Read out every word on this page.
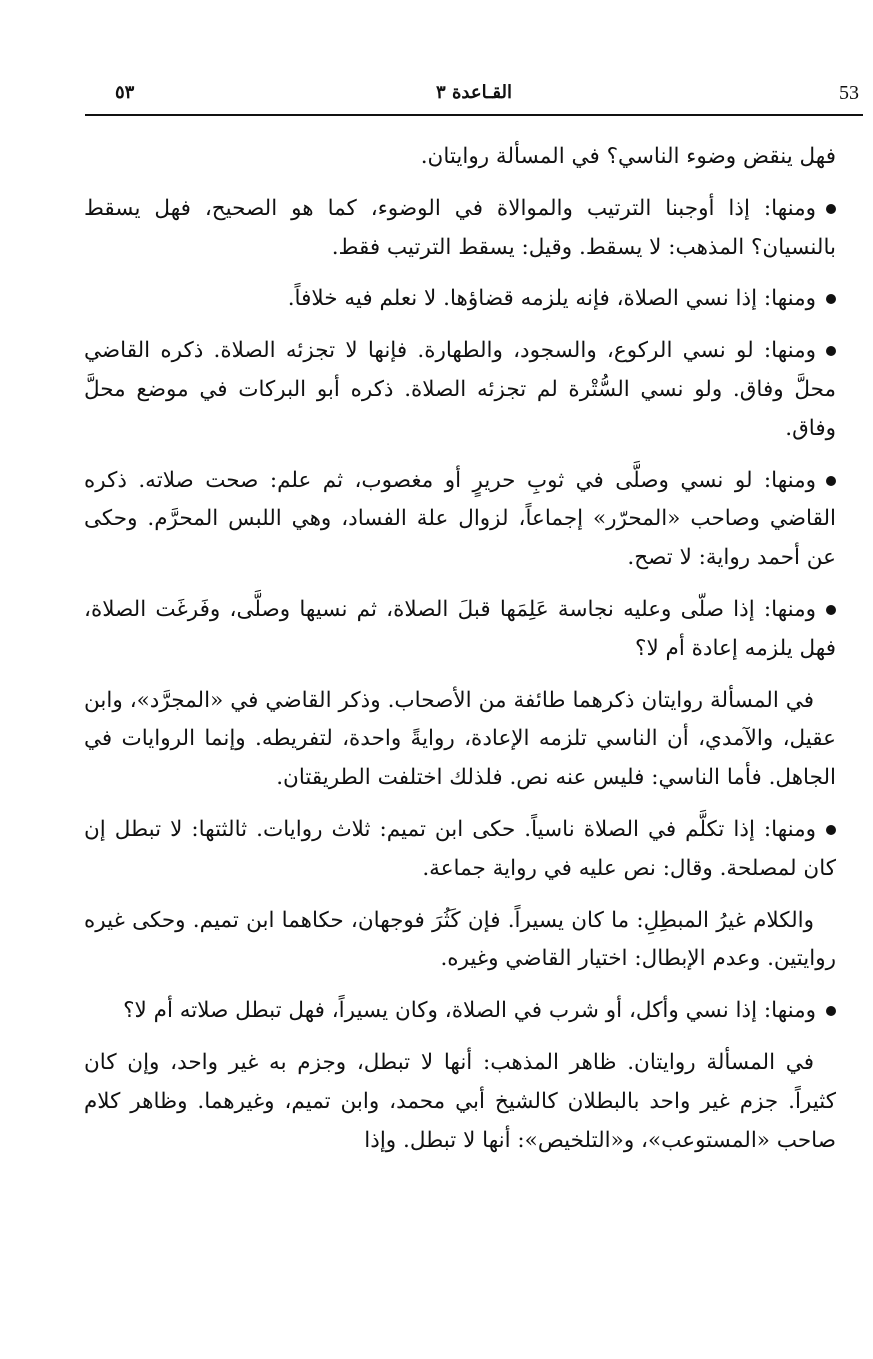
53
القـاعدة ٣
٥٣

فهل ينقض وضوء الناسي؟ في المسألة روايتان.

ومنها: إذا أوجبنا الترتيب والموالاة في الوضوء، كما هو الصحيح، فهل يسقط بالنسيان؟ المذهب: لا يسقط. وقيل: يسقط الترتيب فقط.

ومنها: إذا نسي الصلاة، فإنه يلزمه قضاؤها. لا نعلم فيه خلافاً.

ومنها: لو نسي الركوع، والسجود، والطهارة. فإنها لا تجزئه الصلاة. ذكره القاضي محلَّ وفاق. ولو نسي السُّتْرة لم تجزئه الصلاة. ذكره أبو البركات في موضع محلَّ وفاق.

ومنها: لو نسي وصلَّى في ثوبِ حريرٍ أو مغصوب، ثم علم: صحت صلاته. ذكره القاضي وصاحب «المحرّر» إجماعاً، لزوال علة الفساد، وهي اللبس المحرَّم. وحكى عن أحمد رواية: لا تصح.

ومنها: إذا صلّى وعليه نجاسة عَلِمَها قبلَ الصلاة، ثم نسيها وصلَّى، وفَرغَت الصلاة، فهل يلزمه إعادة أم لا؟

في المسألة روايتان ذكرهما طائفة من الأصحاب. وذكر القاضي في «المجرَّد»، وابن عقيل، والآمدي، أن الناسي تلزمه الإعادة، روايةً واحدة، لتفريطه. وإنما الروايات في الجاهل. فأما الناسي: فليس عنه نص. فلذلك اختلفت الطريقتان.

ومنها: إذا تكلَّم في الصلاة ناسياً. حكى ابن تميم: ثلاث روايات. ثالثتها: لا تبطل إن كان لمصلحة. وقال: نص عليه في رواية جماعة.

والكلام غيرُ المبطِلِ: ما كان يسيراً. فإن كَثُرَ فوجهان، حكاهما ابن تميم. وحكى غيره روايتين. وعدم الإبطال: اختيار القاضي وغيره.

ومنها: إذا نسي وأكل، أو شرب في الصلاة، وكان يسيراً، فهل تبطل صلاته أم لا؟

في المسألة روايتان. ظاهر المذهب: أنها لا تبطل، وجزم به غير واحد، وإن كان كثيراً. جزم غير واحد بالبطلان كالشيخ أبي محمد، وابن تميم، وغيرهما. وظاهر كلام صاحب «المستوعب»، و«التلخيص»: أنها لا تبطل. وإذا
